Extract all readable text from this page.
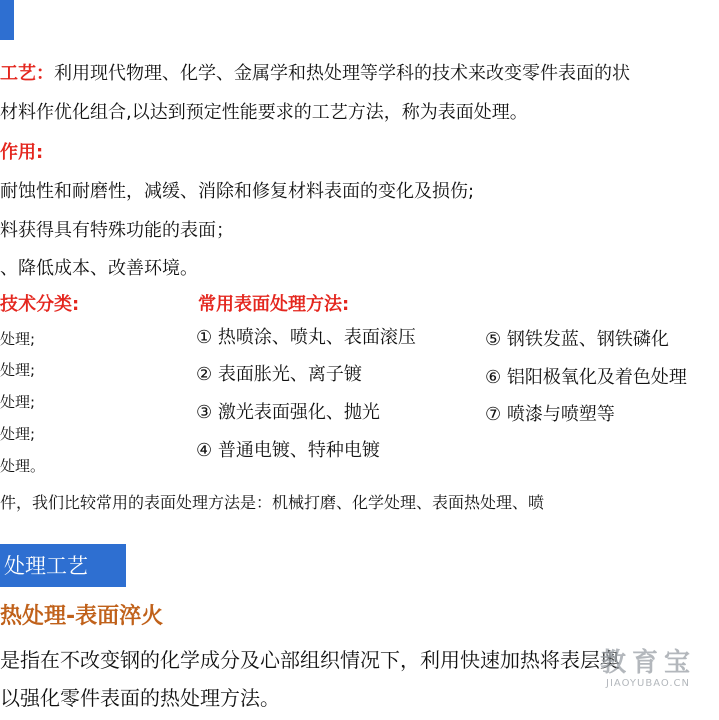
工艺：利用现代物理、化学、金属学和热处理等学科的技术来改变零件表面的状
材料作优化组合,以达到预定性能要求的工艺方法，称为表面处理。
作用:
耐蚀性和耐磨性，减缓、消除和修复材料表面的变化及损伤;
料获得具有特殊功能的表面；
、降低成本、改善环境。
技术分类:
处理;
处理;
处理;
处理;
处理。
常用表面处理方法:
① 热喷涂、喷丸、表面滚压
② 表面胀光、离子镀
③ 激光表面强化、抛光
④ 普通电镀、特种电镀
⑤ 钢铁发蓝、钢铁磷化
⑥ 铝阳极氧化及着色处理
⑦ 喷漆与喷塑等
件，我们比较常用的表面处理方法是：机械打磨、化学处理、表面热处理、喷
处理工艺
热处理-表面淬火
是指在不改变钢的化学成分及心部组织情况下，利用快速加热将表层奥
以强化零件表面的热处理方法。
教育宝
JIAOYUBAO.CN
